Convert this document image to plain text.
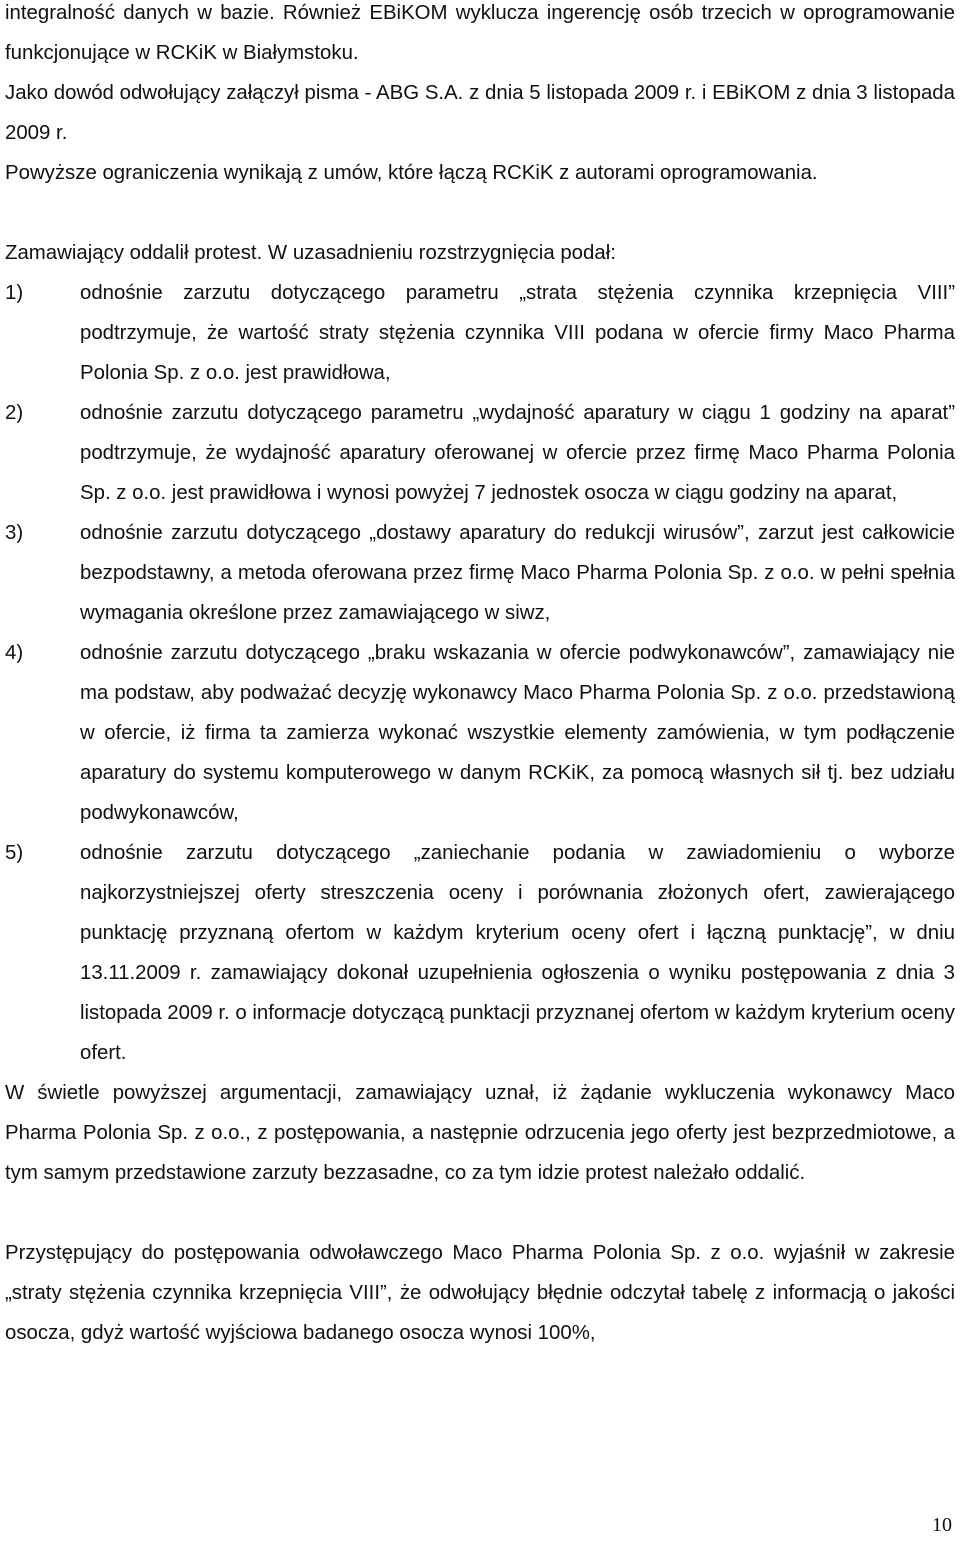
integralność danych w bazie. Również EBiKOM wyklucza ingerencję osób trzecich w oprogramowanie funkcjonujące w RCKiK w Białymstoku.

Jako dowód odwołujący załączył pisma - ABG S.A. z dnia 5 listopada 2009 r. i EBiKOM z dnia 3 listopada 2009 r.

Powyższe ograniczenia wynikają z umów, które łączą RCKiK z autorami oprogramowania.

Zamawiający oddalił protest. W uzasadnieniu rozstrzygnięcia podał:

1)	odnośnie zarzutu dotyczącego parametru „strata stężenia czynnika krzepnięcia VIII” podtrzymuje, że wartość straty stężenia czynnika VIII podana w ofercie firmy Maco Pharma Polonia Sp. z o.o. jest prawidłowa,
2)	odnośnie zarzutu dotyczącego parametru „wydajność aparatury w ciągu 1 godziny na aparat” podtrzymuje, że wydajność aparatury oferowanej w ofercie przez firmę Maco Pharma Polonia Sp. z o.o. jest prawidłowa i wynosi powyżej 7 jednostek osocza w ciągu godziny na aparat,
3)	odnośnie zarzutu dotyczącego „dostawy aparatury do redukcji wirusów”, zarzut jest całkowicie bezpodstawny, a metoda oferowana przez firmę Maco Pharma Polonia Sp. z o.o. w pełni spełnia wymagania określone przez zamawiającego w siwz,
4)	odnośnie zarzutu dotyczącego „braku wskazania w ofercie podwykonawców”, zamawiający nie ma podstaw, aby podważać decyzję wykonawcy Maco Pharma Polonia Sp. z o.o. przedstawioną w ofercie, iż firma ta zamierza wykonać wszystkie elementy zamówienia, w tym podłączenie aparatury do systemu komputerowego w danym RCKiK, za pomocą własnych sił tj. bez udziału podwykonawców,
5)	odnośnie zarzutu dotyczącego „zaniechanie podania w zawiadomieniu o wyborze najkorzystniejszej oferty streszczenia oceny i porównania złożonych ofert, zawierającego punktację przyznaną ofertom w każdym kryterium oceny ofert i łączną punktację”, w dniu 13.11.2009 r. zamawiający dokonał uzupełnienia ogłoszenia o wyniku postępowania z dnia 3 listopada 2009 r. o informacje dotyczącą punktacji przyznanej ofertom w każdym kryterium oceny ofert.

W świetle powyższej argumentacji, zamawiający uznał, iż żądanie wykluczenia wykonawcy Maco Pharma Polonia Sp. z o.o., z postępowania, a następnie odrzucenia jego oferty jest bezprzedmiotowe, a tym samym przedstawione zarzuty bezzasadne, co za tym idzie protest należało oddalić.

Przystępujący do postępowania odwoławczego Maco Pharma Polonia Sp. z o.o. wyjaśnił w zakresie „straty stężenia czynnika krzepnięcia VIII”, że odwołujący błędnie odczytał tabelę z informacją o jakości osocza, gdyż wartość wyjściowa badanego osocza wynosi 100%,

10
